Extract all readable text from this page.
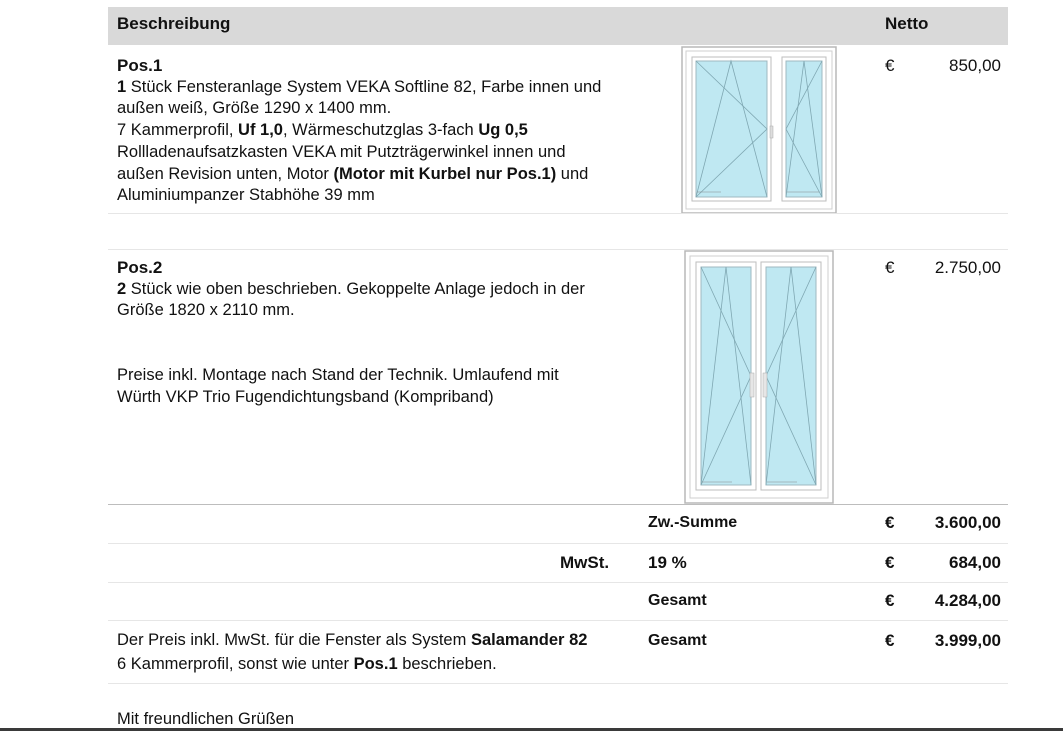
Beschreibung	Netto
Pos.1
1 Stück Fensteranlage System VEKA Softline 82, Farbe innen und
außen weiß, Größe 1290 x 1400 mm.
7 Kammerprofil, Uf 1,0, Wärmeschutzglas 3-fach Ug 0,5
Rollladenaufsatzkasten VEKA mit Putzträgerwinkel innen und
außen Revision unten, Motor (Motor mit Kurbel nur Pos.1) und
Aluminiumpanzer Stabhöhe 39 mm
€	850,00
Pos.2
2 Stück wie oben beschrieben. Gekoppelte Anlage jedoch in der
Größe 1820 x 2110 mm.
Preise inkl. Montage nach Stand der Technik. Umlaufend mit
Würth VKP Trio Fugendichtungsband (Kompriband)
€	2.750,00
Zw.-Summe	€	3.600,00
MwSt. 19 %	€	684,00
Gesamt	€	4.284,00
Der Preis inkl. MwSt. für die Fenster als System Salamander 82
6 Kammerprofil, sonst wie unter Pos.1 beschrieben.
Gesamt	€	3.999,00
Mit freundlichen Grüßen
